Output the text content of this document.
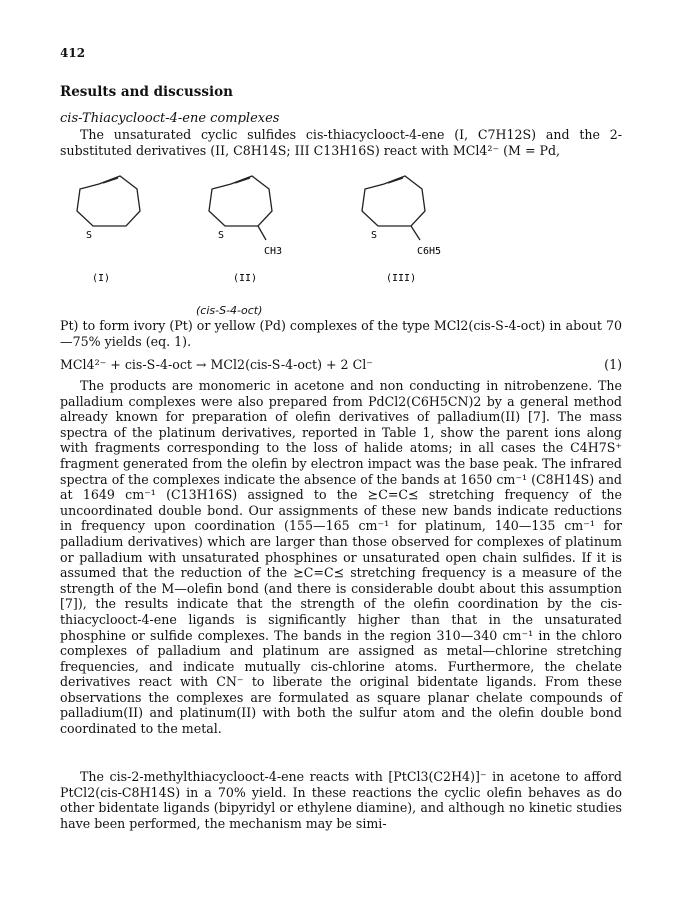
412
Results and discussion
cis-Thiacyclooct-4-ene complexes

The unsaturated cyclic sulfides cis-thiacyclooct-4-ene (I, C7H12S) and the 2-substituted derivatives (II, C8H14S; III C13H16S) react with MCl4²⁻ (M = Pd,

S	S
CH3
S
C6H5
(I)	(II)	(III)
(cis-S-4-oct)

Pt) to form ivory (Pt) or yellow (Pd) complexes of the type MCl2(cis-S-4-oct) in about 70—75% yields (eq. 1).

MCl4²⁻ + cis-S-4-oct → MCl2(cis-S-4-oct) + 2 Cl⁻	(1)

The products are monomeric in acetone and non conducting in nitrobenzene. The palladium complexes were also prepared from PdCl2(C6H5CN)2 by a general method already known for preparation of olefin derivatives of palladium(II) [7]. The mass spectra of the platinum derivatives, reported in Table 1, show the parent ions along with fragments corresponding to the loss of halide atoms; in all cases the C4H7S⁺ fragment generated from the olefin by electron impact was the base peak. The infrared spectra of the complexes indicate the absence of the bands at 1650 cm⁻¹ (C8H14S) and at 1649 cm⁻¹ (C13H16S) assigned to the ⪰C=C⪯ stretching frequency of the uncoordinated double bond. Our assignments of these new bands indicate reductions in frequency upon coordination (155—165 cm⁻¹ for platinum, 140—135 cm⁻¹ for palladium derivatives) which are larger than those observed for complexes of platinum or palladium with unsaturated phosphines or unsaturated open chain sulfides. If it is assumed that the reduction of the ⪰C=C⪯ stretching frequency is a measure of the strength of the M—olefin bond (and there is considerable doubt about this assumption [7]), the results indicate that the strength of the olefin coordination by the cis-thiacyclooct-4-ene ligands is significantly higher than that in the unsaturated phosphine or sulfide complexes. The bands in the region 310—340 cm⁻¹ in the chloro complexes of palladium and platinum are assigned as metal—chlorine stretching frequencies, and indicate mutually cis-chlorine atoms. Furthermore, the chelate derivatives react with CN⁻ to liberate the original bidentate ligands. From these observations the complexes are formulated as square planar chelate compounds of palladium(II) and platinum(II) with both the sulfur atom and the olefin double bond coordinated to the metal.

The cis-2-methylthiacyclooct-4-ene reacts with [PtCl3(C2H4)]⁻ in acetone to afford PtCl2(cis-C8H14S) in a 70% yield. In these reactions the cyclic olefin behaves as do other bidentate ligands (bipyridyl or ethylene diamine), and although no kinetic studies have been performed, the mechanism may be simi-
